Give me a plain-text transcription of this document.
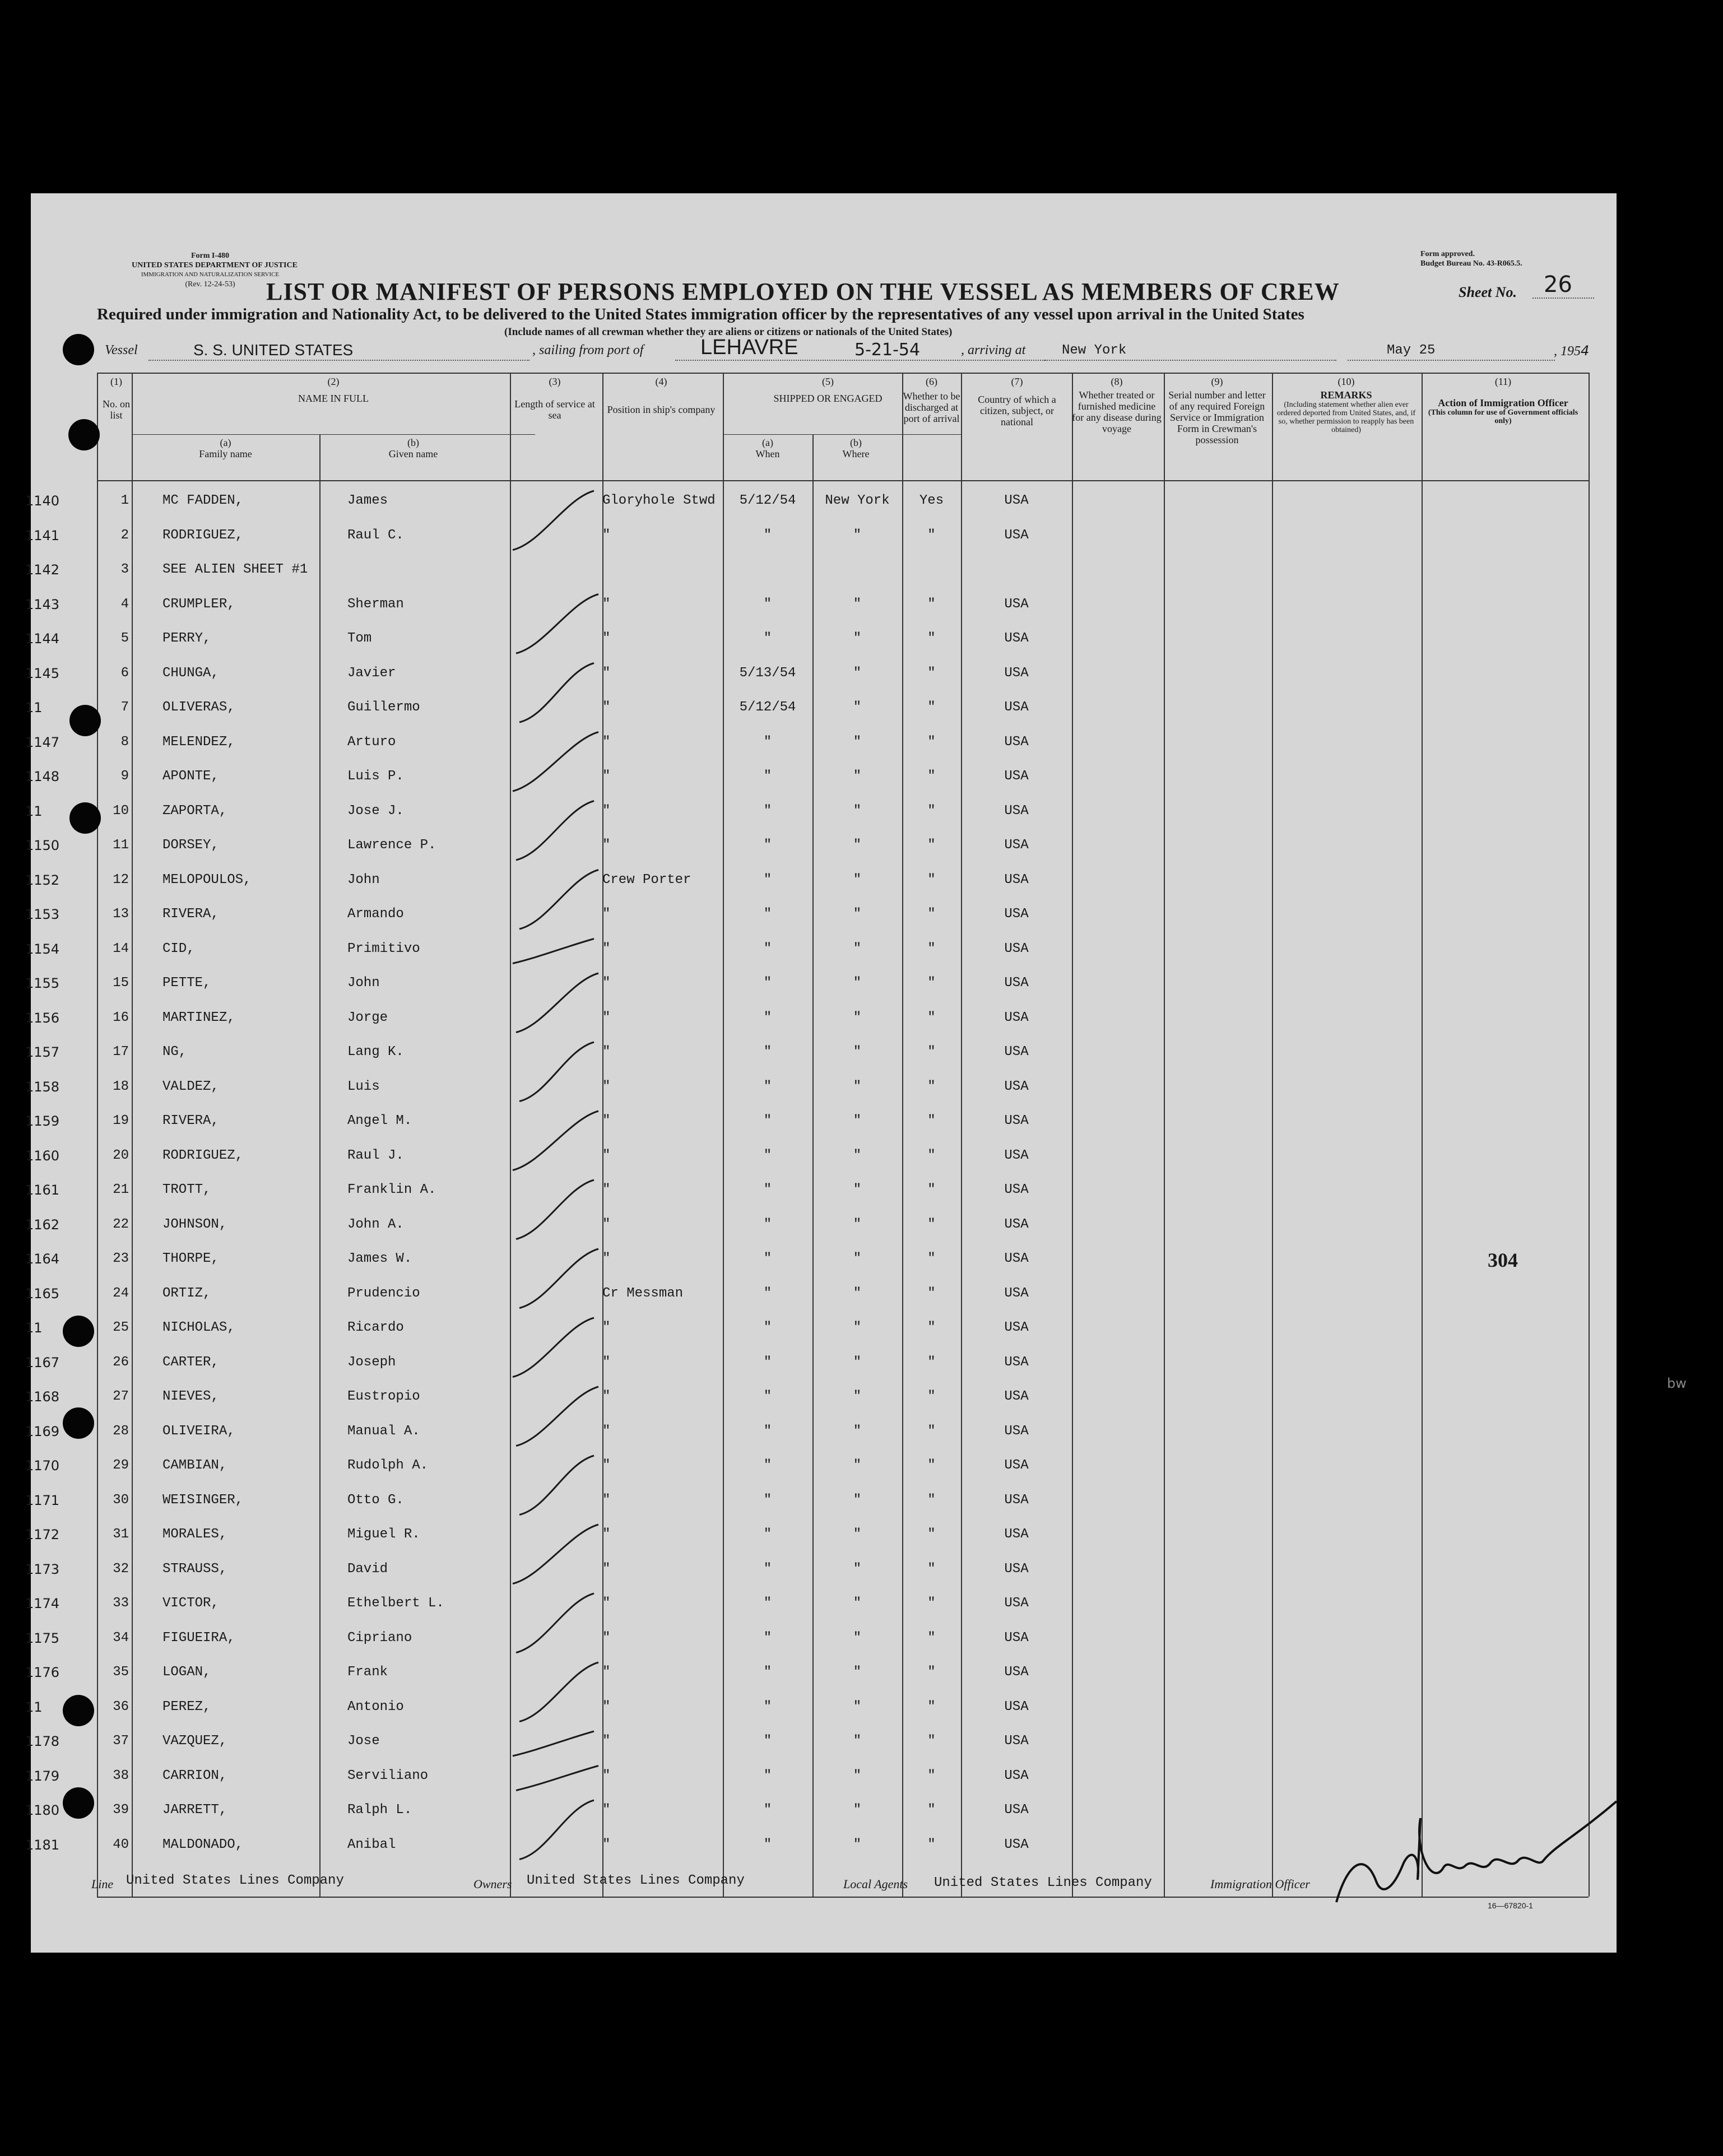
Form I-480
UNITED STATES DEPARTMENT OF JUSTICE
IMMIGRATION AND NATURALIZATION SERVICE
(Rev. 12-24-53)
Form approved.
Budget Bureau No. 43-R065.5.
LIST OR MANIFEST OF PERSONS EMPLOYED ON THE VESSEL AS MEMBERS OF CREW	Sheet No. 26
Required under immigration and Nationality Act, to be delivered to the United States immigration officer by the representatives of any vessel upon arrival in the United States
(Include names of all crewman whether they are aliens or citizens or nationals of the United States)
Vessel	S. S. UNITED STATES	, sailing from port of	LEHAVRE	5-21-54	, arriving at	New York	May 25	, 1954
(1)
No. on list
(2)
NAME IN FULL
(a)
Family name
(b)
Given name
(3)
Length of service at sea
(4)
Position in ship's company
(5)
SHIPPED OR ENGAGED
(a)
When
(b)
Where
(6)
Whether to be discharged at port of arrival
(7)
Country of which a citizen, subject, or national
(8)
Whether treated or furnished medicine for any disease during voyage
(9)
Serial number and letter of any required Foreign Service or Immigration Form in Crewman's possession
(10)
REMARKS
(Including statement whether alien ever ordered deported from United States, and, if so, whether permission to reapply has been obtained)
(11)
Action of Immigration Officer
(This column for use of Government officials only)
1140	1	MC FADDEN,	James	Gloryhole Stwd	5/12/54	New York	Yes	USA
1141	2	RODRIGUEZ,	Raul C.	"	"	"	"	USA
1142	3	SEE ALIEN SHEET #1
1143	4	CRUMPLER,	Sherman	"	"	"	"	USA
1144	5	PERRY,	Tom	"	"	"	"	USA
1145	6	CHUNGA,	Javier	"	5/13/54	"	"	USA
11	7	OLIVERAS,	Guillermo	"	5/12/54	"	"	USA
1147	8	MELENDEZ,	Arturo	"	"	"	"	USA
1148	9	APONTE,	Luis P.	"	"	"	"	USA
11	10	ZAPORTA,	Jose J.	"	"	"	"	USA
1150	11	DORSEY,	Lawrence P.	"	"	"	"	USA
1152	12	MELOPOULOS,	John	Crew Porter	"	"	"	USA
1153	13	RIVERA,	Armando	"	"	"	"	USA
1154	14	CID,	Primitivo	"	"	"	"	USA
1155	15	PETTE,	John	"	"	"	"	USA
1156	16	MARTINEZ,	Jorge	"	"	"	"	USA
1157	17	NG,	Lang K.	"	"	"	"	USA
1158	18	VALDEZ,	Luis	"	"	"	"	USA
1159	19	RIVERA,	Angel M.	"	"	"	"	USA
1160	20	RODRIGUEZ,	Raul J.	"	"	"	"	USA
1161	21	TROTT,	Franklin A.	"	"	"	"	USA
1162	22	JOHNSON,	John A.	"	"	"	"	USA
1164	23	THORPE,	James W.	"	"	"	"	USA
1165	24	ORTIZ,	Prudencio	Cr Messman	"	"	"	USA
11	25	NICHOLAS,	Ricardo	"	"	"	"	USA
1167	26	CARTER,	Joseph	"	"	"	"	USA
1168	27	NIEVES,	Eustropio	"	"	"	"	USA
1169	28	OLIVEIRA,	Manual A.	"	"	"	"	USA
1170	29	CAMBIAN,	Rudolph A.	"	"	"	"	USA
1171	30	WEISINGER,	Otto G.	"	"	"	"	USA
1172	31	MORALES,	Miguel R.	"	"	"	"	USA
1173	32	STRAUSS,	David	"	"	"	"	USA
1174	33	VICTOR,	Ethelbert L.	"	"	"	"	USA
1175	34	FIGUEIRA,	Cipriano	"	"	"	"	USA
1176	35	LOGAN,	Frank	"	"	"	"	USA
11	36	PEREZ,	Antonio	"	"	"	"	USA
1178	37	VAZQUEZ,	Jose	"	"	"	"	USA
1179	38	CARRION,	Serviliano	"	"	"	"	USA
1180	39	JARRETT,	Ralph L.	"	"	"	"	USA
1181	40	MALDONADO,	Anibal	"	"	"	"	USA
304
Line United States Lines Company	Owners United States Lines Company	Local Agents United States Lines Company	Immigration Officer
16—67820-1
bw
